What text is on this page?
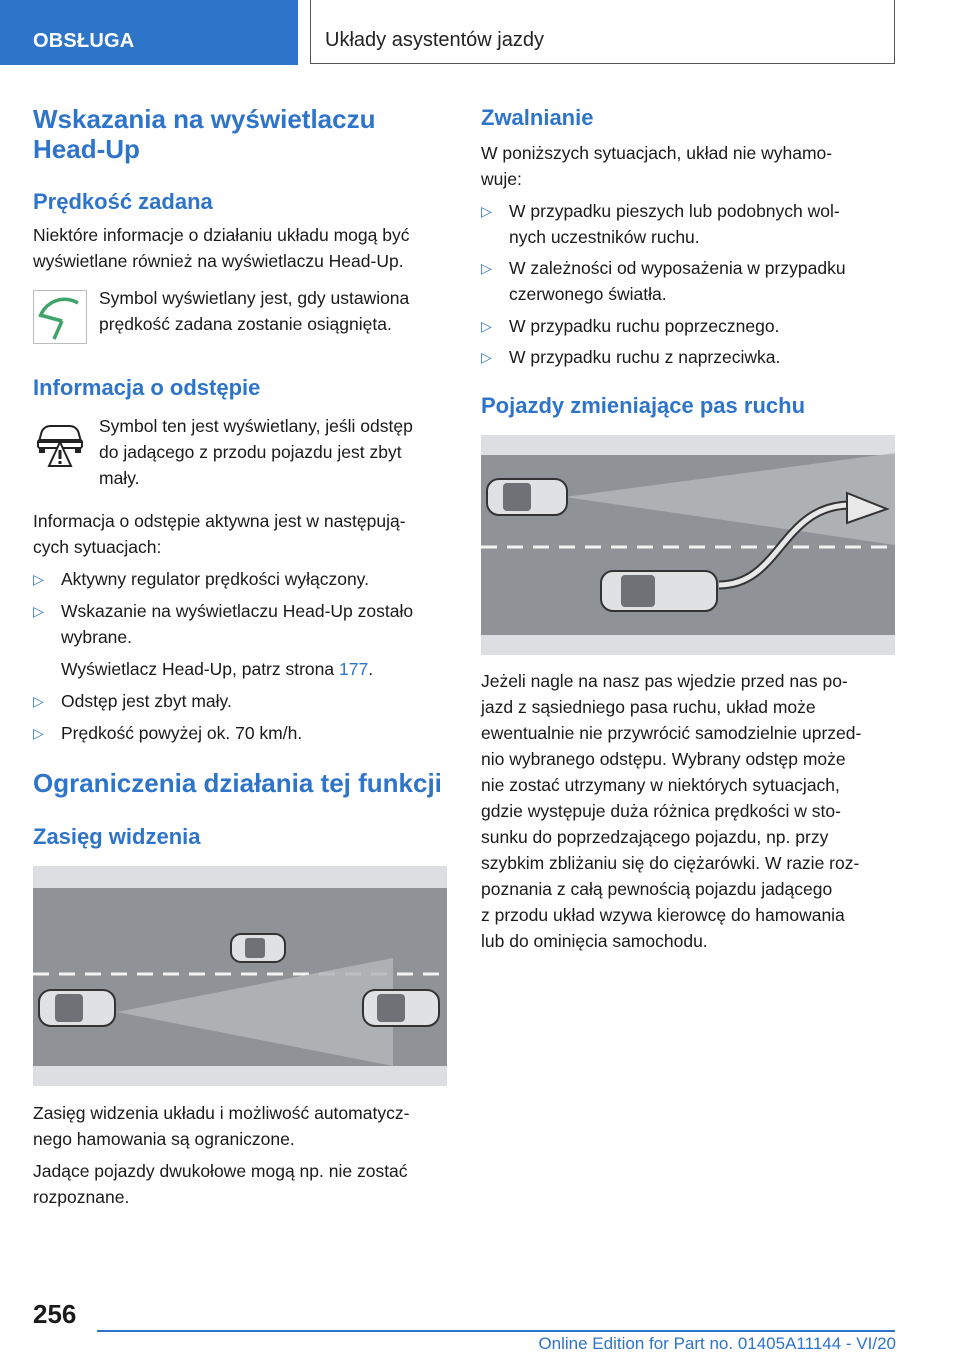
OBSŁUGA	Układy asystentów jazdy
Wskazania na wyświetlaczu
Head-Up
Prędkość zadana
Niektóre informacje o działaniu układu mogą być
wyświetlane również na wyświetlaczu Head-Up.
Symbol wyświetlany jest, gdy ustawiona
prędkość zadana zostanie osiągnięta.
Informacja o odstępie
Symbol ten jest wyświetlany, jeśli odstęp
do jadącego z przodu pojazdu jest zbyt
mały.
Informacja o odstępie aktywna jest w następują-
cych sytuacjach:
▷ Aktywny regulator prędkości wyłączony.
▷ Wskazanie na wyświetlaczu Head-Up zostało
wybrane.
Wyświetlacz Head-Up, patrz strona 177.
▷ Odstęp jest zbyt mały.
▷ Prędkość powyżej ok. 70 km/h.
Ograniczenia działania tej funkcji
Zasięg widzenia
Zasięg widzenia układu i możliwość automatycz-
nego hamowania są ograniczone.
Jadące pojazdy dwukołowe mogą np. nie zostać
rozpoznane.
Zwalnianie
W poniższych sytuacjach, układ nie wyhamo-
wuje:
▷ W przypadku pieszych lub podobnych wol-
nych uczestników ruchu.
▷ W zależności od wyposażenia w przypadku
czerwonego światła.
▷ W przypadku ruchu poprzecznego.
▷ W przypadku ruchu z naprzeciwka.
Pojazdy zmieniające pas ruchu
Jeżeli nagle na nasz pas wjedzie przed nas po-
jazd z sąsiedniego pasa ruchu, układ może
ewentualnie nie przywrócić samodzielnie uprzed-
nio wybranego odstępu. Wybrany odstęp może
nie zostać utrzymany w niektórych sytuacjach,
gdzie występuje duża różnica prędkości w sto-
sunku do poprzedzającego pojazdu, np. przy
szybkim zbliżaniu się do ciężarówki. W razie roz-
poznania z całą pewnością pojazdu jadącego
z przodu układ wzywa kierowcę do hamowania
lub do ominięcia samochodu.
256
Online Edition for Part no. 01405A11144 - VI/20
